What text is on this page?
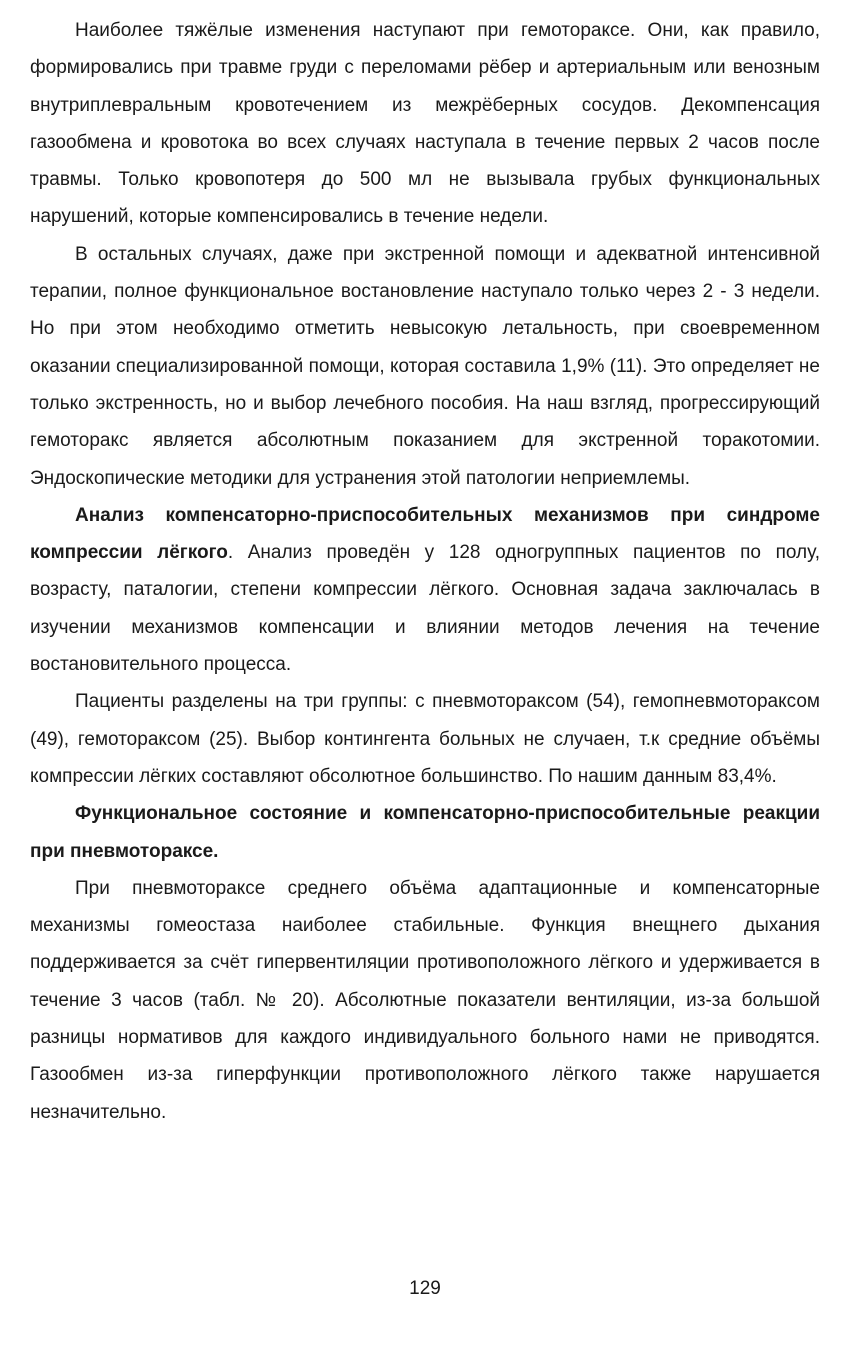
Наиболее тяжёлые изменения наступают при гемотораксе. Они, как правило, формировались при травме груди с переломами рёбер и артериальным или венозным внутриплевральным кровотечением из межрёберных сосудов. Декомпенсация газообмена и кровотока во всех случаях наступала в течение первых 2 часов после травмы. Только кровопотеря до 500 мл не вызывала грубых функциональных нарушений, которые компенсировались в течение недели.

В остальных случаях, даже при экстренной помощи и адекватной интенсивной терапии, полное функциональное востановление наступало только через 2 - 3 недели. Но при этом необходимо отметить невысокую летальность, при своевременном оказании специализированной помощи, которая составила 1,9% (11). Это определяет не только экстренность, но и выбор лечебного пособия. На наш взгляд, прогрессирующий гемоторакс является абсолютным показанием для экстренной торакотомии. Эндоскопические методики для устранения этой патологии неприемлемы.

Анализ компенсаторно-приспособительных механизмов при синдроме компрессии лёгкого. Анализ проведён у 128 одногруппных пациентов по полу, возрасту, паталогии, степени компрессии лёгкого. Основная задача заключалась в изучении механизмов компенсации и влиянии методов лечения на течение востановительного процесса.

Пациенты разделены на три группы: с пневмотораксом (54), гемопневмотораксом (49), гемотораксом (25). Выбор контингента больных не случаен, т.к средние объёмы компрессии лёгких составляют обсолютное большинство. По нашим данным 83,4%.

Функциональное состояние и компенсаторно-приспособительные реакции при пневмотораксе.

При пневмотораксе среднего объёма адаптационные и компенсаторные механизмы гомеостаза наиболее стабильные. Функция внещнего дыхания поддерживается за счёт гипервентиляции противоположного лёгкого и удерживается в течение 3 часов (табл. № 20). Абсолютные показатели вентиляции, из-за большой разницы нормативов для каждого индивидуального больного нами не приводятся. Газообмен из-за гиперфункции противоположного лёгкого также нарушается незначительно.

129
